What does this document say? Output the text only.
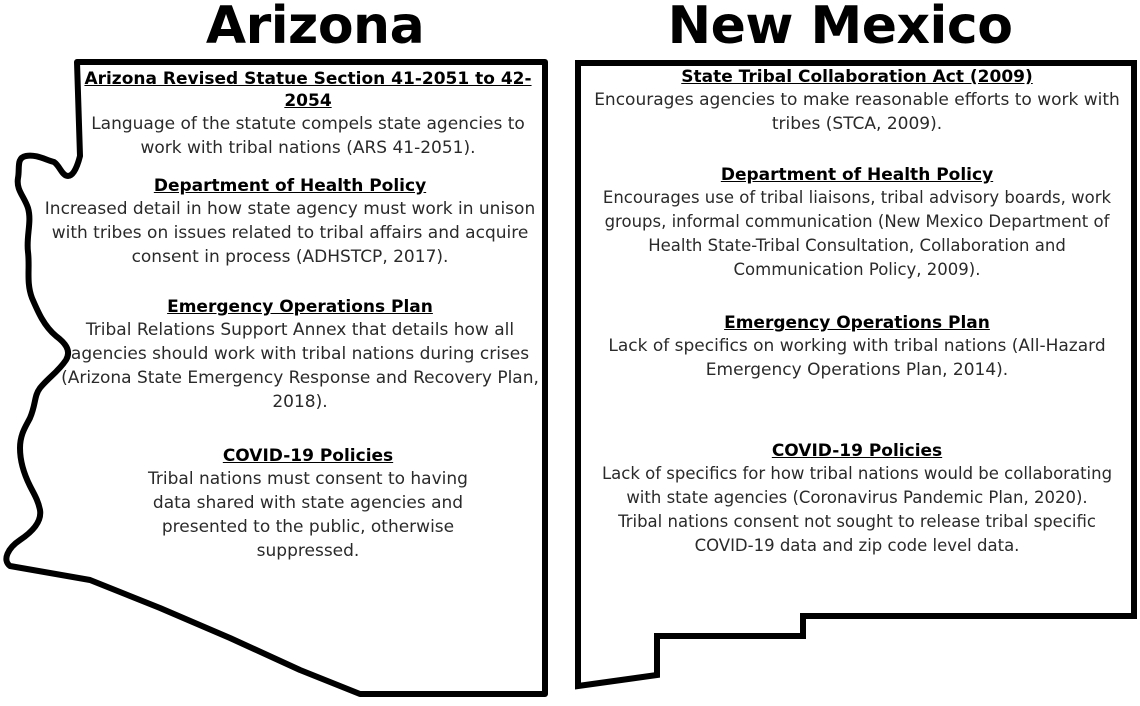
Arizona	New Mexico
Arizona Revised Statue Section 41-2051 to 42-2054
Language of the statute compels state agencies to work with tribal nations (ARS 41-2051).
Department of Health Policy
Increased detail in how state agency must work in unison with tribes on issues related to tribal affairs and acquire consent in process (ADHSTCP, 2017).
Emergency Operations Plan
Tribal Relations Support Annex that details how all agencies should work with tribal nations during crises (Arizona State Emergency Response and Recovery Plan, 2018).
COVID-19 Policies
Tribal nations must consent to having data shared with state agencies and presented to the public, otherwise suppressed.
State Tribal Collaboration Act (2009)
Encourages agencies to make reasonable efforts to work with tribes (STCA, 2009).
Department of Health Policy
Encourages use of tribal liaisons, tribal advisory boards, work groups, informal communication (New Mexico Department of Health State-Tribal Consultation, Collaboration and Communication Policy, 2009).
Emergency Operations Plan
Lack of specifics on working with tribal nations (All-Hazard Emergency Operations Plan, 2014).
COVID-19 Policies
Lack of specifics for how tribal nations would be collaborating with state agencies (Coronavirus Pandemic Plan, 2020).
Tribal nations consent not sought to release tribal specific COVID-19 data and zip code level data.
